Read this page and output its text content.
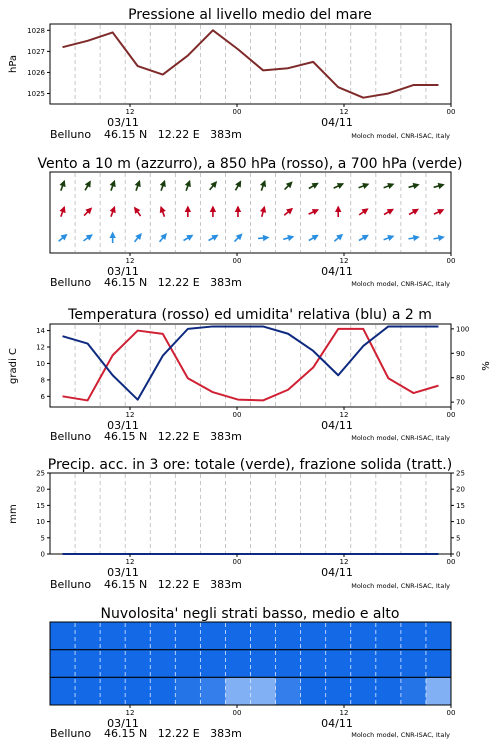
Pressione al livello medio del mare
1025
1026
1027
1028
hPa
12	00	12	00
03/11	04/11
Belluno 46.15 N   12.22 E   383m	Moloch model, CNR-ISAC, Italy
Vento a 10 m (azzurro), a 850 hPa (rosso), a 700 hPa (verde)
12	00	12	00
03/11	04/11
Belluno 46.15 N   12.22 E   383m	Moloch model, CNR-ISAC, Italy
Temperatura (rosso) ed umidita' relativa (blu) a 2 m
6
8
10
12
14
70
80
90
100
gradi C	%
12	00	12	00
03/11	04/11
Belluno 46.15 N   12.22 E   383m	Moloch model, CNR-ISAC, Italy
Precip. acc. in 3 ore: totale (verde), frazione solida (tratt.)
0
5
10
15
20
25
0
5
10
15
20
25
mm
12	00	12	00
03/11	04/11
Belluno 46.15 N   12.22 E   383m	Moloch model, CNR-ISAC, Italy
Nuvolosita' negli strati basso, medio e alto
12	00	12	00
03/11	04/11
Belluno 46.15 N   12.22 E   383m	Moloch model, CNR-ISAC, Italy
